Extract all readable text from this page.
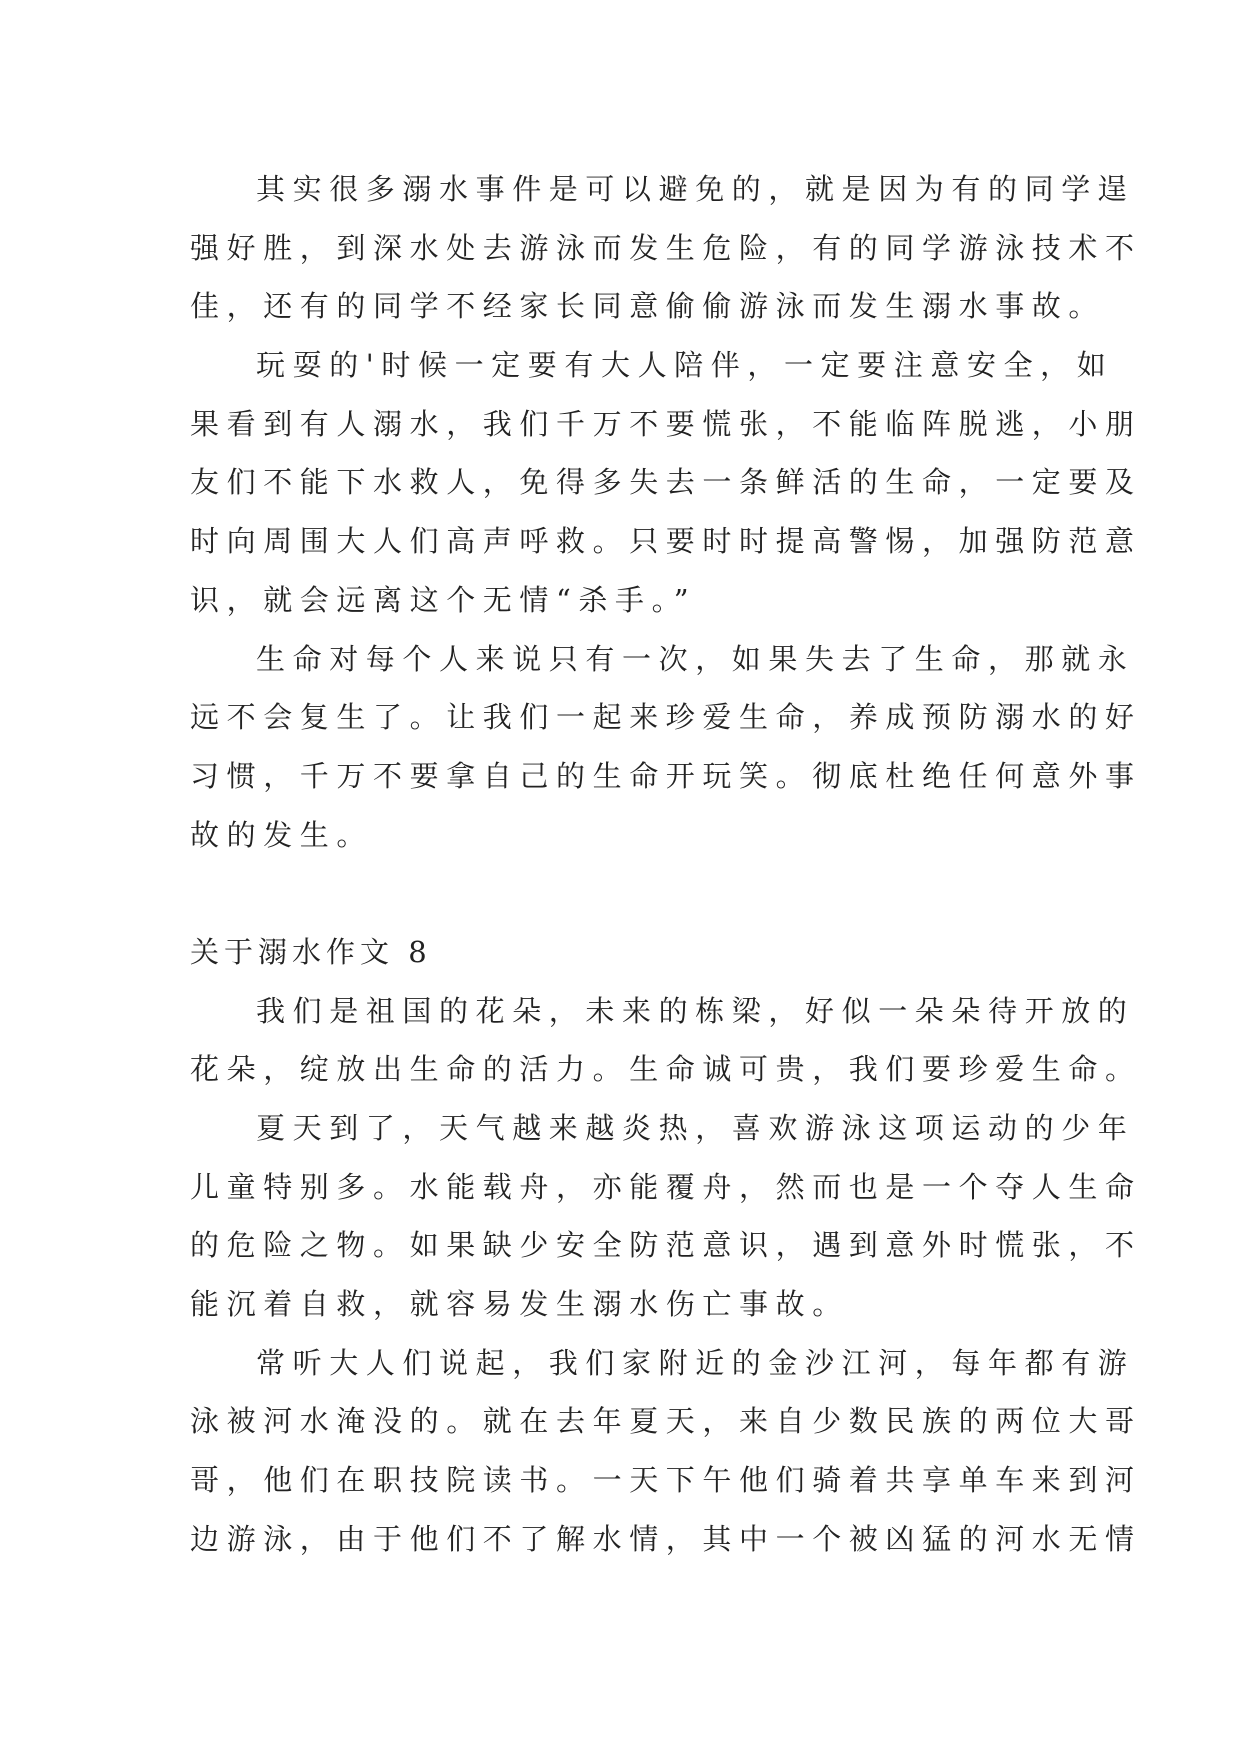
其实很多溺水事件是可以避免的，就是因为有的同学逞
强好胜，到深水处去游泳而发生危险，有的同学游泳技术不
佳，还有的同学不经家长同意偷偷游泳而发生溺水事故。
玩耍的'时候一定要有大人陪伴，一定要注意安全，如
果看到有人溺水，我们千万不要慌张，不能临阵脱逃，小朋
友们不能下水救人，免得多失去一条鲜活的生命，一定要及
时向周围大人们高声呼救。只要时时提高警惕，加强防范意
识，就会远离这个无情“杀手。”
生命对每个人来说只有一次，如果失去了生命，那就永
远不会复生了。让我们一起来珍爱生命，养成预防溺水的好
习惯，千万不要拿自己的生命开玩笑。彻底杜绝任何意外事
故的发生。
关于溺水作文 8
我们是祖国的花朵，未来的栋梁，好似一朵朵待开放的
花朵，绽放出生命的活力。生命诚可贵，我们要珍爱生命。
夏天到了，天气越来越炎热，喜欢游泳这项运动的少年
儿童特别多。水能载舟，亦能覆舟，然而也是一个夺人生命
的危险之物。如果缺少安全防范意识，遇到意外时慌张，不
能沉着自救，就容易发生溺水伤亡事故。
常听大人们说起，我们家附近的金沙江河，每年都有游
泳被河水淹没的。就在去年夏天，来自少数民族的两位大哥
哥，他们在职技院读书。一天下午他们骑着共享单车来到河
边游泳，由于他们不了解水情，其中一个被凶猛的河水无情
